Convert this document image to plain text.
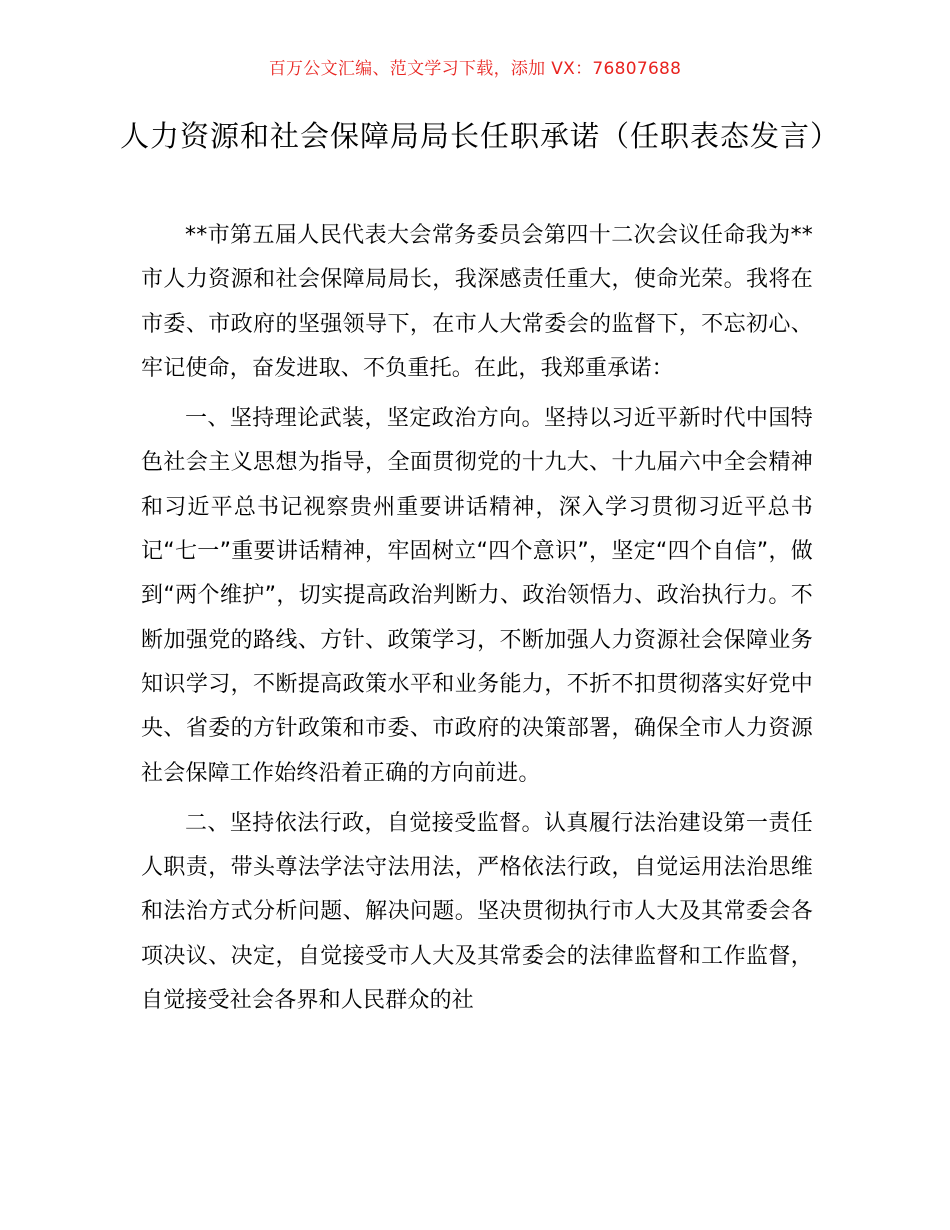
百万公文汇编、范文学习下载，添加 VX：76807688
人力资源和社会保障局局长任职承诺（任职表态发言）

**市第五届人民代表大会常务委员会第四十二次会议任命我为**市人力资源和社会保障局局长，我深感责任重大，使命光荣。我将在市委、市政府的坚强领导下，在市人大常委会的监督下，不忘初心、牢记使命，奋发进取、不负重托。在此，我郑重承诺：

一、坚持理论武装，坚定政治方向。坚持以习近平新时代中国特色社会主义思想为指导，全面贯彻党的十九大、十九届六中全会精神和习近平总书记视察贵州重要讲话精神，深入学习贯彻习近平总书记“七一”重要讲话精神，牢固树立“四个意识”，坚定“四个自信”，做到“两个维护”，切实提高政治判断力、政治领悟力、政治执行力。不断加强党的路线、方针、政策学习，不断加强人力资源社会保障业务知识学习，不断提高政策水平和业务能力，不折不扣贯彻落实好党中央、省委的方针政策和市委、市政府的决策部署，确保全市人力资源社会保障工作始终沿着正确的方向前进。

二、坚持依法行政，自觉接受监督。认真履行法治建设第一责任人职责，带头尊法学法守法用法，严格依法行政，自觉运用法治思维和法治方式分析问题、解决问题。坚决贯彻执行市人大及其常委会各项决议、决定，自觉接受市人大及其常委会的法律监督和工作监督，自觉接受社会各界和人民群众的社
